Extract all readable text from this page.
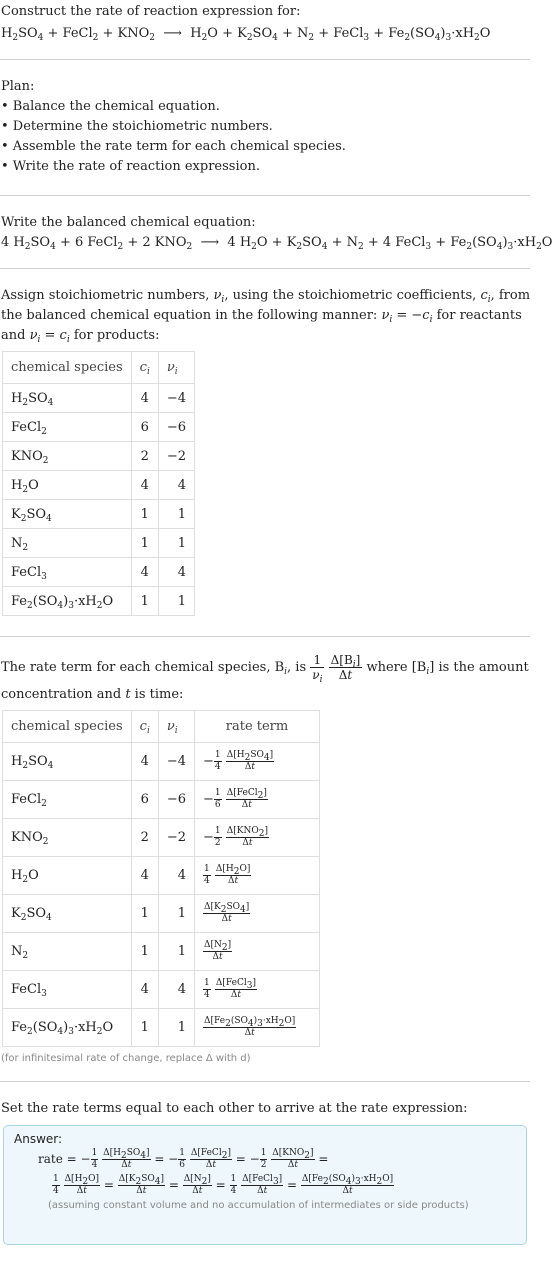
Construct the rate of reaction expression for:
$H_2SO_4$ + FeCl$_2$ + $KNO_2$  ⟶  $H_2O + K_2SO_4 + N_2$ + FeCl$_3$ + $Fe_2(SO_4)_3\cdot xH_2O$
Plan:
• Balance the chemical equation.
• Determine the stoichiometric numbers.
• Assemble the rate term for each chemical species.
• Write the rate of reaction expression.
Write the balanced chemical equation:
4 $H_2SO_4 + 6$ FeCl$_2$ + 2 $KNO_2$  ⟶  4 $H_2O + K_2SO_4 + N_2 + 4$ FeCl$_3$ + $Fe_2(SO_4)_3\cdot xH_2O$
Assign stoichiometric numbers, $\nu_i$, using the stoichiometric coefficients, $c_i$, from
the balanced chemical equation in the following manner: $\nu_i = -c_i$ for reactants
and $\nu_i = c_i$ for products:
chemical species	$c_i$	$\nu_i$
$H_2SO_4$	4	−4
FeCl$_2$	6	−6
$KNO_2$	2	−2
$H_2O$	4	4
$K_2SO_4$	1	1
$N_2$	1	1
FeCl$_3$	4	4
$Fe_2(SO_4)_3\cdot xH_2O$	1	1
The rate term for each chemical species, $B_i$, is $\frac{1}{\nu_i}$
$\frac{\Delta[B_i]}{\Delta t}$ where $[B_i]$ is the amount
concentration and t is time:
chemical species	$c_i$	$\nu_i$	rate term
$H_2SO_4$	4	−4	− $\frac{1}{4}$
$\frac{\Delta[H_2SO_4]}{\Delta t}$

FeCl$_2$	6	−6	− $\frac{1}{6}$
$\frac{\Delta[FeCl_2]}{\Delta t}$

$KNO_2$	2	−2	− $\frac{1}{2}$
$\frac{\Delta[KNO_2]}{\Delta t}$

$H_2O$	4	4	$\frac{1}{4}$
$\frac{\Delta[H_2O]}{\Delta t}$

$K_2SO_4$	1	1	$\frac{\Delta[K_2SO_4]}{\Delta t}$

$N_2$	1	1	$\frac{\Delta[N_2]}{\Delta t}$

FeCl$_3$	4	4	$\frac{1}{4}$
$\frac{\Delta[FeCl_3]}{\Delta t}$

$Fe_2(SO_4)_3\cdot xH_2O$	1	1	$\frac{\Delta[Fe_2(SO_4)_3\cdot xH_2O]}{\Delta t}$
(for infinitesimal rate of change, replace Δ with d)
Set the rate terms equal to each other to arrive at the rate expression:
Answer:
rate = − $\frac{1}{4}$
$\frac{\Delta[H_2SO_4]}{\Delta t}$ = − $\frac{1}{6}$
$\frac{\Delta[FeCl_2]}{\Delta t}$ = − $\frac{1}{2}$
$\frac{\Delta[KNO_2]}{\Delta t}$ =
$\frac{1}{4}$
$\frac{\Delta[H_2O]}{\Delta t} = \frac{\Delta[K_2SO_4]}{\Delta t} = \frac{\Delta[N_2]}{\Delta t} = \frac{1}{4}$
$\frac{\Delta[FeCl_3]}{\Delta t} = \frac{\Delta[Fe_2(SO_4)_3\cdot xH_2O]}{\Delta t}$
(assuming constant volume and no accumulation of intermediates or side products)
